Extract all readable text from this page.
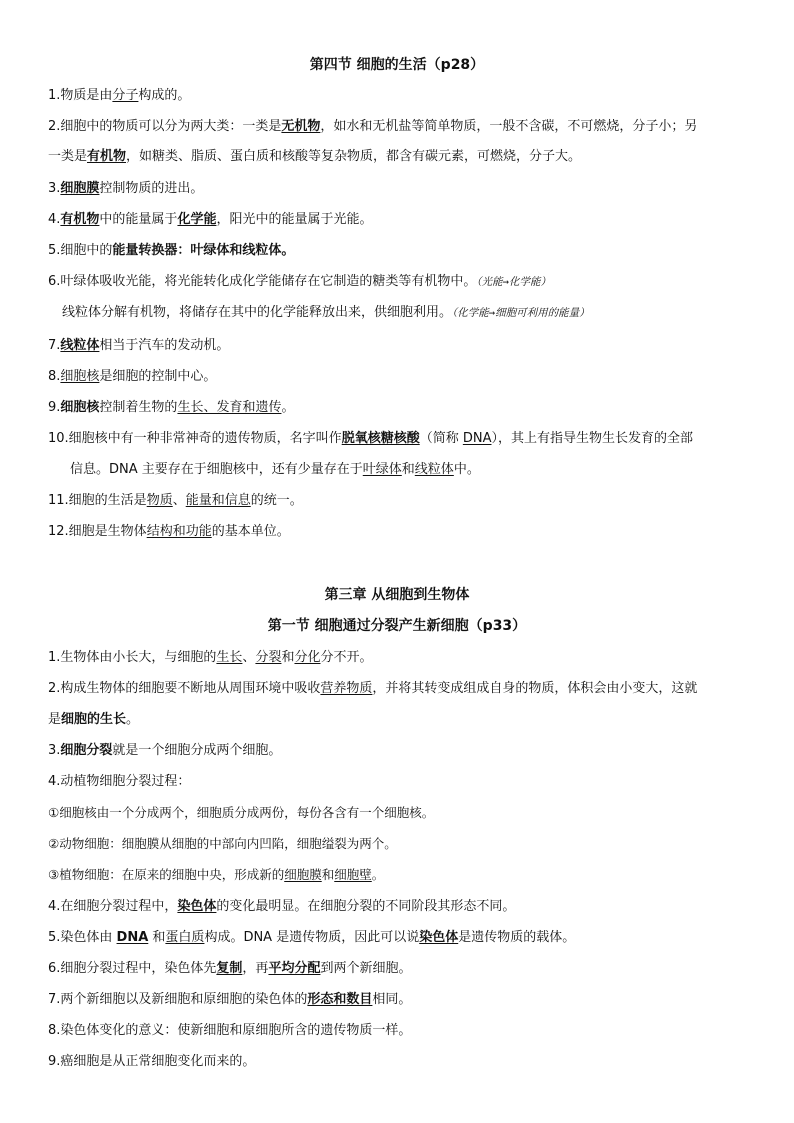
第四节 细胞的生活（p28）
1.物质是由分子构成的。
2.细胞中的物质可以分为两大类：一类是无机物，如水和无机盐等简单物质，一般不含碳，不可燃烧，分子小；另
一类是有机物，如糖类、脂质、蛋白质和核酸等复杂物质，都含有碳元素，可燃烧，分子大。
3.细胞膜控制物质的进出。
4.有机物中的能量属于化学能，阳光中的能量属于光能。
5.细胞中的能量转换器：叶绿体和线粒体。
6.叶绿体吸收光能，将光能转化成化学能储存在它制造的糖类等有机物中。（光能→化学能）
线粒体分解有机物，将储存在其中的化学能释放出来，供细胞利用。（化学能→细胞可利用的能量）
7.线粒体相当于汽车的发动机。
8.细胞核是细胞的控制中心。
9.细胞核控制着生物的生长、发育和遗传。
10.细胞核中有一种非常神奇的遗传物质，名字叫作脱氧核糖核酸（简称 DNA），其上有指导生物生长发育的全部
信息。DNA 主要存在于细胞核中，还有少量存在于叶绿体和线粒体中。
11.细胞的生活是物质、能量和信息的统一。
12.细胞是生物体结构和功能的基本单位。
第三章 从细胞到生物体
第一节 细胞通过分裂产生新细胞（p33）
1.生物体由小长大，与细胞的生长、分裂和分化分不开。
2.构成生物体的细胞要不断地从周围环境中吸收营养物质，并将其转变成组成自身的物质，体积会由小变大，这就
是细胞的生长。
3.细胞分裂就是一个细胞分成两个细胞。
4.动植物细胞分裂过程：
①细胞核由一个分成两个，细胞质分成两份，每份各含有一个细胞核。
②动物细胞：细胞膜从细胞的中部向内凹陷，细胞缢裂为两个。
③植物细胞：在原来的细胞中央，形成新的细胞膜和细胞壁。
4.在细胞分裂过程中，染色体的变化最明显。在细胞分裂的不同阶段其形态不同。
5.染色体由 DNA 和蛋白质构成。DNA 是遗传物质，因此可以说染色体是遗传物质的载体。
6.细胞分裂过程中，染色体先复制，再平均分配到两个新细胞。
7.两个新细胞以及新细胞和原细胞的染色体的形态和数目相同。
8.染色体变化的意义：使新细胞和原细胞所含的遗传物质一样。
9.癌细胞是从正常细胞变化而来的。
